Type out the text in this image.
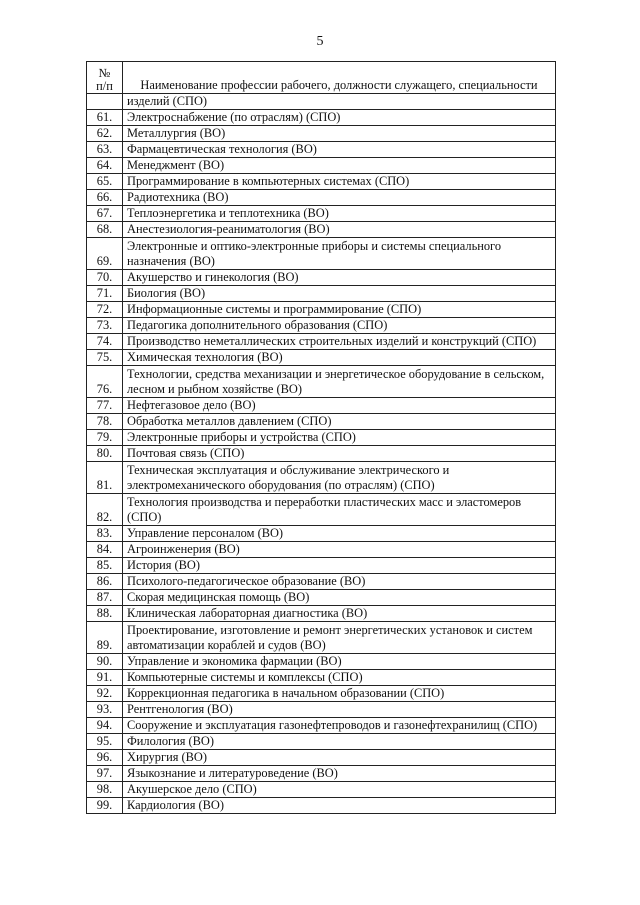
5
№
п/п	Наименование профессии рабочего, должности служащего, специальности
	изделий (СПО)
61.	Электроснабжение (по отраслям) (СПО)
62.	Металлургия (ВО)
63.	Фармацевтическая технология (ВО)
64.	Менеджмент (ВО)
65.	Программирование в компьютерных системах (СПО)
66.	Радиотехника (ВО)
67.	Теплоэнергетика и теплотехника (ВО)
68.	Анестезиология-реаниматология (ВО)
69.	Электронные и оптико-электронные приборы и системы специального назначения (ВО)
70.	Акушерство и гинекология (ВО)
71.	Биология (ВО)
72.	Информационные системы и программирование (СПО)
73.	Педагогика дополнительного образования (СПО)
74.	Производство неметаллических строительных изделий и конструкций (СПО)
75.	Химическая технология (ВО)
76.	Технологии, средства механизации и энергетическое оборудование в сельском, лесном и рыбном хозяйстве (ВО)
77.	Нефтегазовое дело (ВО)
78.	Обработка металлов давлением (СПО)
79.	Электронные приборы и устройства (СПО)
80.	Почтовая связь (СПО)
81.	Техническая эксплуатация и обслуживание электрического и электромеханического оборудования (по отраслям) (СПО)
82.	Технология производства и переработки пластических масс и эластомеров (СПО)
83.	Управление персоналом (ВО)
84.	Агроинженерия (ВО)
85.	История (ВО)
86.	Психолого-педагогическое образование (ВО)
87.	Скорая медицинская помощь (ВО)
88.	Клиническая лабораторная диагностика (ВО)
89.	Проектирование, изготовление и ремонт энергетических установок и систем автоматизации кораблей и судов (ВО)
90.	Управление и экономика фармации (ВО)
91.	Компьютерные системы и комплексы (СПО)
92.	Коррекционная педагогика в начальном образовании (СПО)
93.	Рентгенология (ВО)
94.	Сооружение и эксплуатация газонефтепроводов и газонефтехранилищ (СПО)
95.	Филология (ВО)
96.	Хирургия (ВО)
97.	Языкознание и литературоведение (ВО)
98.	Акушерское дело (СПО)
99.	Кардиология (ВО)
